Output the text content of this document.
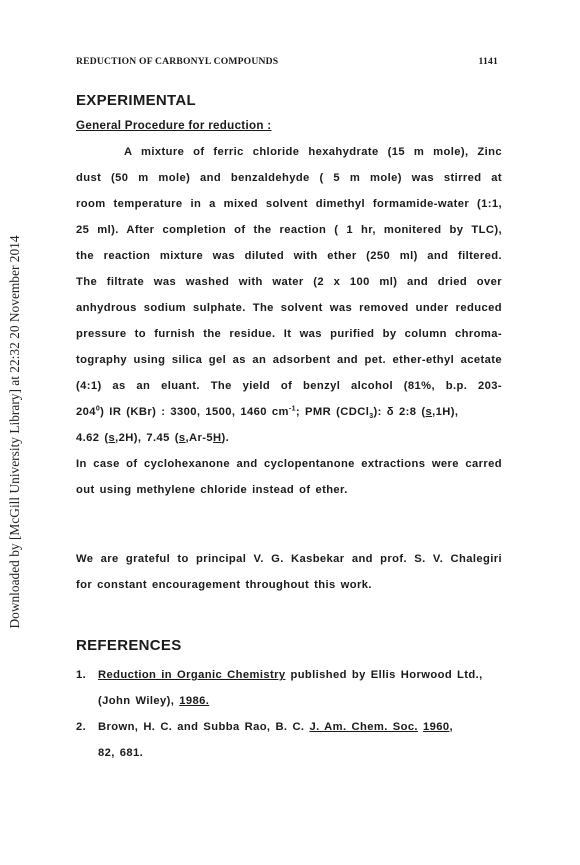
Downloaded by [McGill University Library] at 22:32 20 November 2014
REDUCTION OF CARBONYL COMPOUNDS	1141
EXPERIMENTAL
General Procedure for reduction :
A mixture of ferric chloride hexahydrate (15 m mole), Zinc
dust (50 m mole) and benzaldehyde ( 5 m mole) was stirred at
room temperature in a mixed solvent dimethyl formamide-water (1:1,
25 ml). After completion of the reaction ( 1 hr, monitered by TLC),
the reaction mixture was diluted with ether (250 ml) and filtered.
The filtrate was washed with water (2 x 100 ml) and dried over
anhydrous sodium sulphate. The solvent was removed under reduced
pressure to furnish the residue. It was purified by column chroma-
tography using silica gel as an adsorbent and pet. ether-ethyl acetate
(4:1) as an eluant. The yield of benzyl alcohol (81%, b.p. 203-
$204^0$) IR (KBr) : 3300, 1500, 1460 $cm^{-1}$; PMR (CDCl$_3$): δ 2:8 (s,1H),
4.62 (s,2H), 7.45 (s,Ar-5H).
In case of cyclohexanone and cyclopentanone extractions were carred
out using methylene chloride instead of ether.
We are grateful to principal V. G. Kasbekar and prof. S. V. Chalegiri
for constant encouragement throughout this work.
REFERENCES
1. Reduction in Organic Chemistry published by Ellis Horwood Ltd.,
(John Wiley), 1986.
2. Brown, H. C. and Subba Rao, B. C. J. Am. Chem. Soc. 1960,
82, 681.
